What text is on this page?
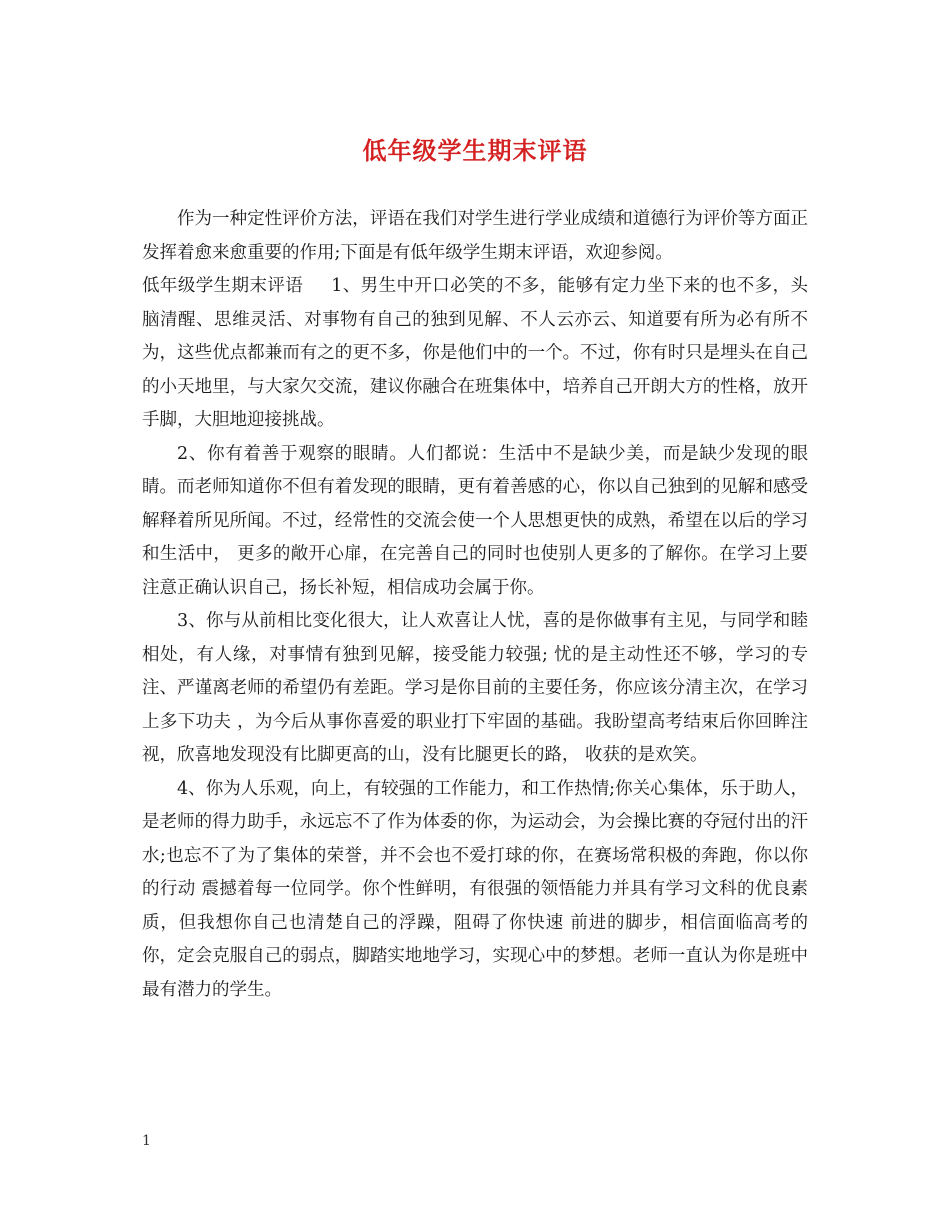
低年级学生期末评语

作为一种定性评价方法，评语在我们对学生进行学业成绩和道德行为评价等方面正发挥着愈来愈重要的作用;下面是有低年级学生期末评语，欢迎参阅。

低年级学生期末评语 1、男生中开口必笑的不多，能够有定力坐下来的也不多，头脑清醒、思维灵活、对事物有自己的独到见解、不人云亦云、知道要有所为必有所不为，这些优点都兼而有之的更不多，你是他们中的一个。不过，你有时只是埋头在自己的小天地里，与大家欠交流，建议你融合在班集体中，培养自己开朗大方的性格，放开手脚，大胆地迎接挑战。

2、你有着善于观察的眼睛。人们都说：生活中不是缺少美，而是缺少发现的眼睛。而老师知道你不但有着发现的眼睛，更有着善感的心，你以自己独到的见解和感受解释着所见所闻。不过，经常性的交流会使一个人思想更快的成熟，希望在以后的学习和生活中， 更多的敞开心扉，在完善自己的同时也使别人更多的了解你。在学习上要注意正确认识自己，扬长补短，相信成功会属于你。

3、你与从前相比变化很大，让人欢喜让人忧，喜的是你做事有主见，与同学和睦相处，有人缘，对事情有独到见解，接受能力较强; 忧的是主动性还不够，学习的专注、严谨离老师的希望仍有差距。学习是你目前的主要任务，你应该分清主次，在学习上多下功夫 ，为今后从事你喜爱的职业打下牢固的基础。我盼望高考结束后你回眸注视，欣喜地发现没有比脚更高的山，没有比腿更长的路， 收获的是欢笑。

4、你为人乐观，向上，有较强的工作能力，和工作热情;你关心集体，乐于助人，是老师的得力助手，永远忘不了作为体委的你，为运动会，为会操比赛的夺冠付出的汗水;也忘不了为了集体的荣誉，并不会也不爱打球的你，在赛场常积极的奔跑，你以你的行动 震撼着每一位同学。你个性鲜明，有很强的领悟能力并具有学习文科的优良素质，但我想你自己也清楚自己的浮躁，阻碍了你快速 前进的脚步，相信面临高考的你，定会克服自己的弱点，脚踏实地地学习，实现心中的梦想。老师一直认为你是班中最有潜力的学生。

1
